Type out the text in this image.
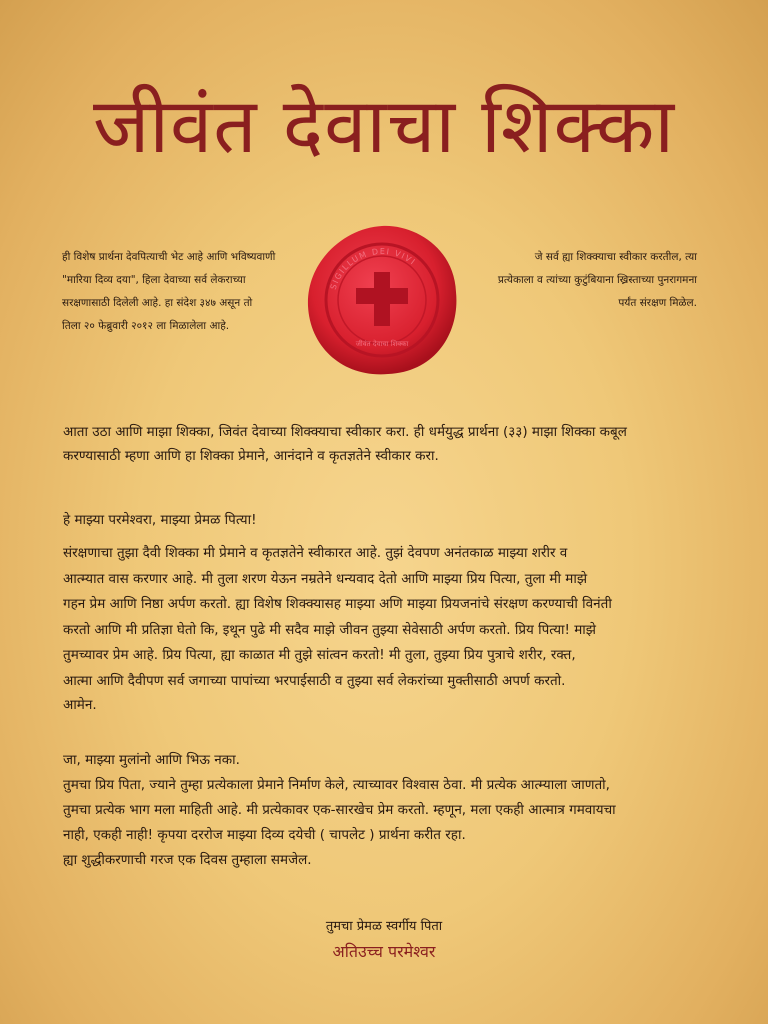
जीवंत देवाचा शिक्का
ही विशेष प्रार्थना देवपित्याची भेट आहे आणि भविष्यवाणी
"मारिया दिव्य दया", हिला देवाच्या सर्व लेकराच्या
सरक्षणासाठी दिलेली आहे. हा संदेश ३४७ असून तो
तिला २० फेब्रुवारी २०१२ ला मिळालेला आहे.
SIGILLUM DEI VIVI
जीवंत देवाचा शिक्का
जे सर्व ह्या शिक्क्याचा स्वीकार करतील, त्या
प्रत्येकाला व त्यांच्या कुटुंबियाना ख्रिस्ताच्या पुनरागमना
पर्यंत संरक्षण मिळेल.
आता उठा आणि माझा शिक्का, जिवंत देवाच्या शिक्क्याचा स्वीकार करा. ही धर्मयुद्ध प्रार्थना (३३) माझा शिक्का कबूल
करण्यासाठी म्हणा आणि हा शिक्का प्रेमाने, आनंदाने व कृतज्ञतेने स्वीकार करा.
हे माझ्या परमेश्वरा, माझ्या प्रेमळ पित्या!
संरक्षणाचा तुझा दैवी शिक्का मी प्रेमाने व कृतज्ञतेने स्वीकारत आहे. तुझं देवपण अनंतकाळ माझ्या शरीर व
आत्म्यात वास करणार आहे. मी तुला शरण येऊन नम्रतेने धन्यवाद देतो आणि माझ्या प्रिय पित्या, तुला मी माझे
गहन प्रेम आणि निष्ठा अर्पण करतो. ह्या विशेष शिक्क्यासह माझ्या अणि माझ्या प्रियजनांचे संरक्षण करण्याची विनंती
करतो आणि मी प्रतिज्ञा घेतो कि, इथून पुढे मी सदैव माझे जीवन तुझ्या सेवेसाठी अर्पण करतो. प्रिय पित्या! माझे
तुमच्यावर प्रेम आहे. प्रिय पित्या, ह्या काळात मी तुझे सांत्वन करतो! मी तुला, तुझ्या प्रिय पुत्राचे शरीर, रक्त,
आत्मा आणि दैवीपण सर्व जगाच्या पापांच्या भरपाईसाठी व तुझ्या सर्व लेकरांच्या मुक्तीसाठी अपर्ण करतो.
आमेन.
जा, माझ्या मुलांनो आणि भिऊ नका.
तुमचा प्रिय पिता, ज्याने तुम्हा प्रत्येकाला प्रेमाने निर्माण केले, त्याच्यावर विश्वास ठेवा. मी प्रत्येक आत्म्याला जाणतो,
तुमचा प्रत्येक भाग मला माहिती आहे. मी प्रत्येकावर एक-सारखेच प्रेम करतो. म्हणून, मला एकही आत्मात्र गमवायचा
नाही, एकही नाही! कृपया दररोज माझ्या दिव्य दयेची ( चापलेट ) प्रार्थना करीत रहा.
ह्या शुद्धीकरणाची गरज एक दिवस तुम्हाला समजेल.
तुमचा प्रेमळ स्वर्गीय पिता
अतिउच्च परमेश्वर
